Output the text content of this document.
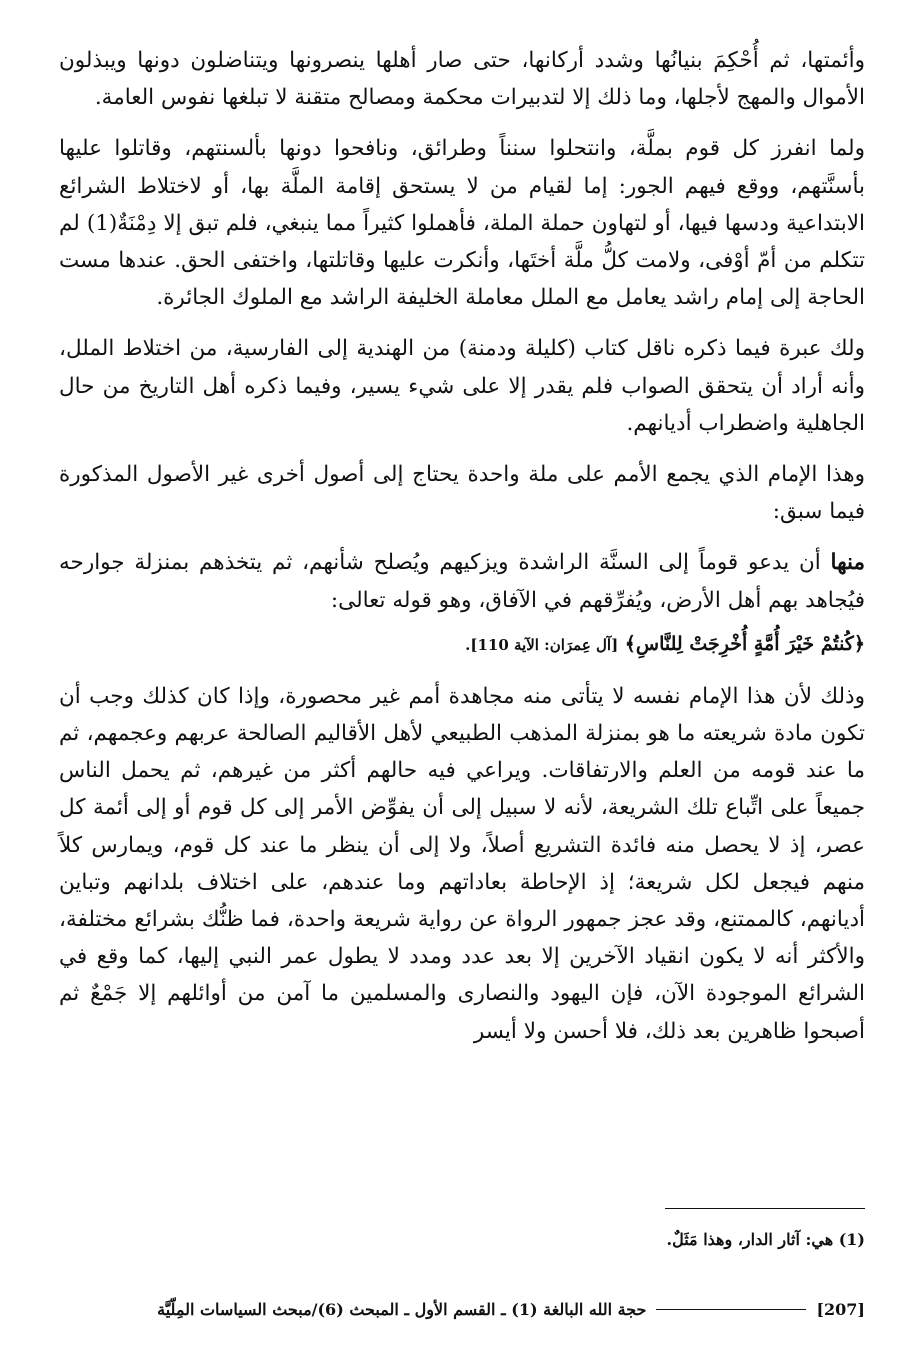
وأئمتها، ثم أُحْكِمَ بنيانُها وشدد أركانها، حتى صار أهلها ينصرونها ويتناضلون دونها ويبذلون الأموال والمهج لأجلها، وما ذلك إلا لتدبيرات محكمة ومصالح متقنة لا تبلغها نفوس العامة.

ولما انفرز كل قوم بملَّة، وانتحلوا سنناً وطرائق، ونافحوا دونها بألسنتهم، وقاتلوا عليها بأسنَّتهم، ووقع فيهم الجور: إما لقيام من لا يستحق إقامة الملَّة بها، أو لاختلاط الشرائع الابتداعية ودسها فيها، أو لتهاون حملة الملة، فأهملوا كثيراً مما ينبغي، فلم تبق إلا دِمْنَةٌ(1) لم تتكلم من أمّ أوْفى، ولامت كلُّ ملَّة أختَها، وأنكرت عليها وقاتلتها، واختفى الحق. عندها مست الحاجة إلى إمام راشد يعامل مع الملل معاملة الخليفة الراشد مع الملوك الجائرة.

ولك عبرة فيما ذكره ناقل كتاب (كليلة ودمنة) من الهندية إلى الفارسية، من اختلاط الملل، وأنه أراد أن يتحقق الصواب فلم يقدر إلا على شيء يسير، وفيما ذكره أهل التاريخ من حال الجاهلية واضطراب أديانهم.

وهذا الإمام الذي يجمع الأمم على ملة واحدة يحتاج إلى أصول أخرى غير الأصول المذكورة فيما سبق:

منها أن يدعو قوماً إلى السنَّة الراشدة ويزكيهم ويُصلح شأنهم، ثم يتخذهم بمنزلة جوارحه فيُجاهد بهم أهل الأرض، ويُفرِّقهم في الآفاق، وهو قوله تعالى:

﴿كُنتُمْ خَيْرَ أُمَّةٍ أُخْرِجَتْ لِلنَّاسِ﴾ [آل عِمرَان: الآية 110].

وذلك لأن هذا الإمام نفسه لا يتأتى منه مجاهدة أمم غير محصورة، وإذا كان كذلك وجب أن تكون مادة شريعته ما هو بمنزلة المذهب الطبيعي لأهل الأقاليم الصالحة عربهم وعجمهم، ثم ما عند قومه من العلم والارتفاقات. ويراعي فيه حالهم أكثر من غيرهم، ثم يحمل الناس جميعاً على اتِّباع تلك الشريعة، لأنه لا سبيل إلى أن يفوِّض الأمر إلى كل قوم أو إلى أئمة كل عصر، إذ لا يحصل منه فائدة التشريع أصلاً، ولا إلى أن ينظر ما عند كل قوم، ويمارس كلاً منهم فيجعل لكل شريعة؛ إذ الإحاطة بعاداتهم وما عندهم، على اختلاف بلدانهم وتباين أديانهم، كالممتنع، وقد عجز جمهور الرواة عن رواية شريعة واحدة، فما ظنُّك بشرائع مختلفة، والأكثر أنه لا يكون انقياد الآخرين إلا بعد عدد ومدد لا يطول عمر النبي إليها، كما وقع في الشرائع الموجودة الآن، فإن اليهود والنصارى والمسلمين ما آمن من أوائلهم إلا جَمْعٌ ثم أصبحوا ظاهرين بعد ذلك، فلا أحسن ولا أيسر

(1) هي: آثار الدار، وهذا مَثَلٌ.
[207]
حجة الله البالغة (1) ـ القسم الأول ـ المبحث (6)/مبحث السياسات المِلّيَّة
